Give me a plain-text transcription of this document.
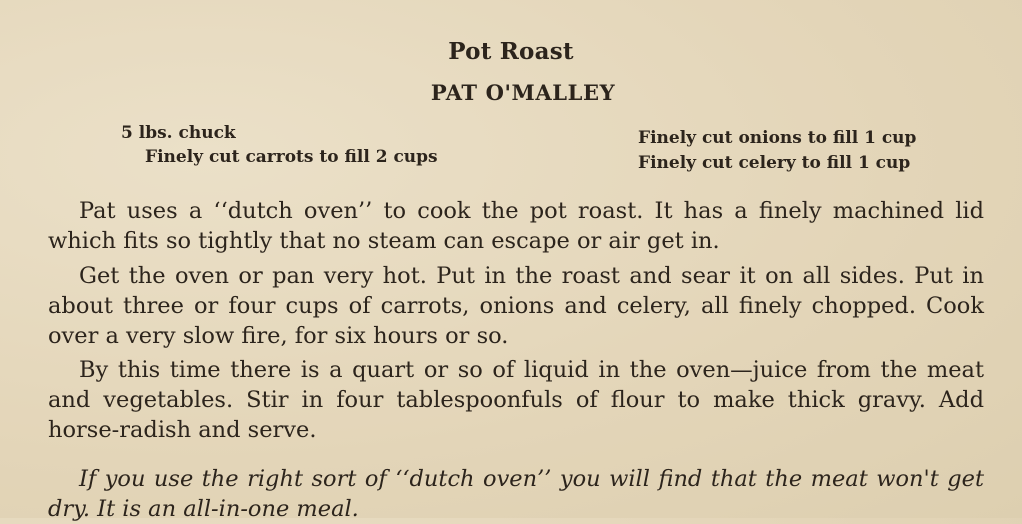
Pot Roast
PAT O'MALLEY
5 lbs. chuck
Finely cut carrots to fill 2 cups
Finely cut onions to fill 1 cup
Finely cut celery to fill 1 cup

Pat uses a ‘‘dutch oven’’ to cook the pot roast. It has a finely machined lid which fits so tightly that no steam can escape or air get in.

Get the oven or pan very hot. Put in the roast and sear it on all sides. Put in about three or four cups of carrots, onions and celery, all finely chopped. Cook over a very slow fire, for six hours or so.

By this time there is a quart or so of liquid in the oven—juice from the meat and vegetables. Stir in four tablespoonfuls of flour to make thick gravy. Add horse-radish and serve.

If you use the right sort of ‘‘dutch oven’’ you will find that the meat won't get dry. It is an all-in-one meal.
